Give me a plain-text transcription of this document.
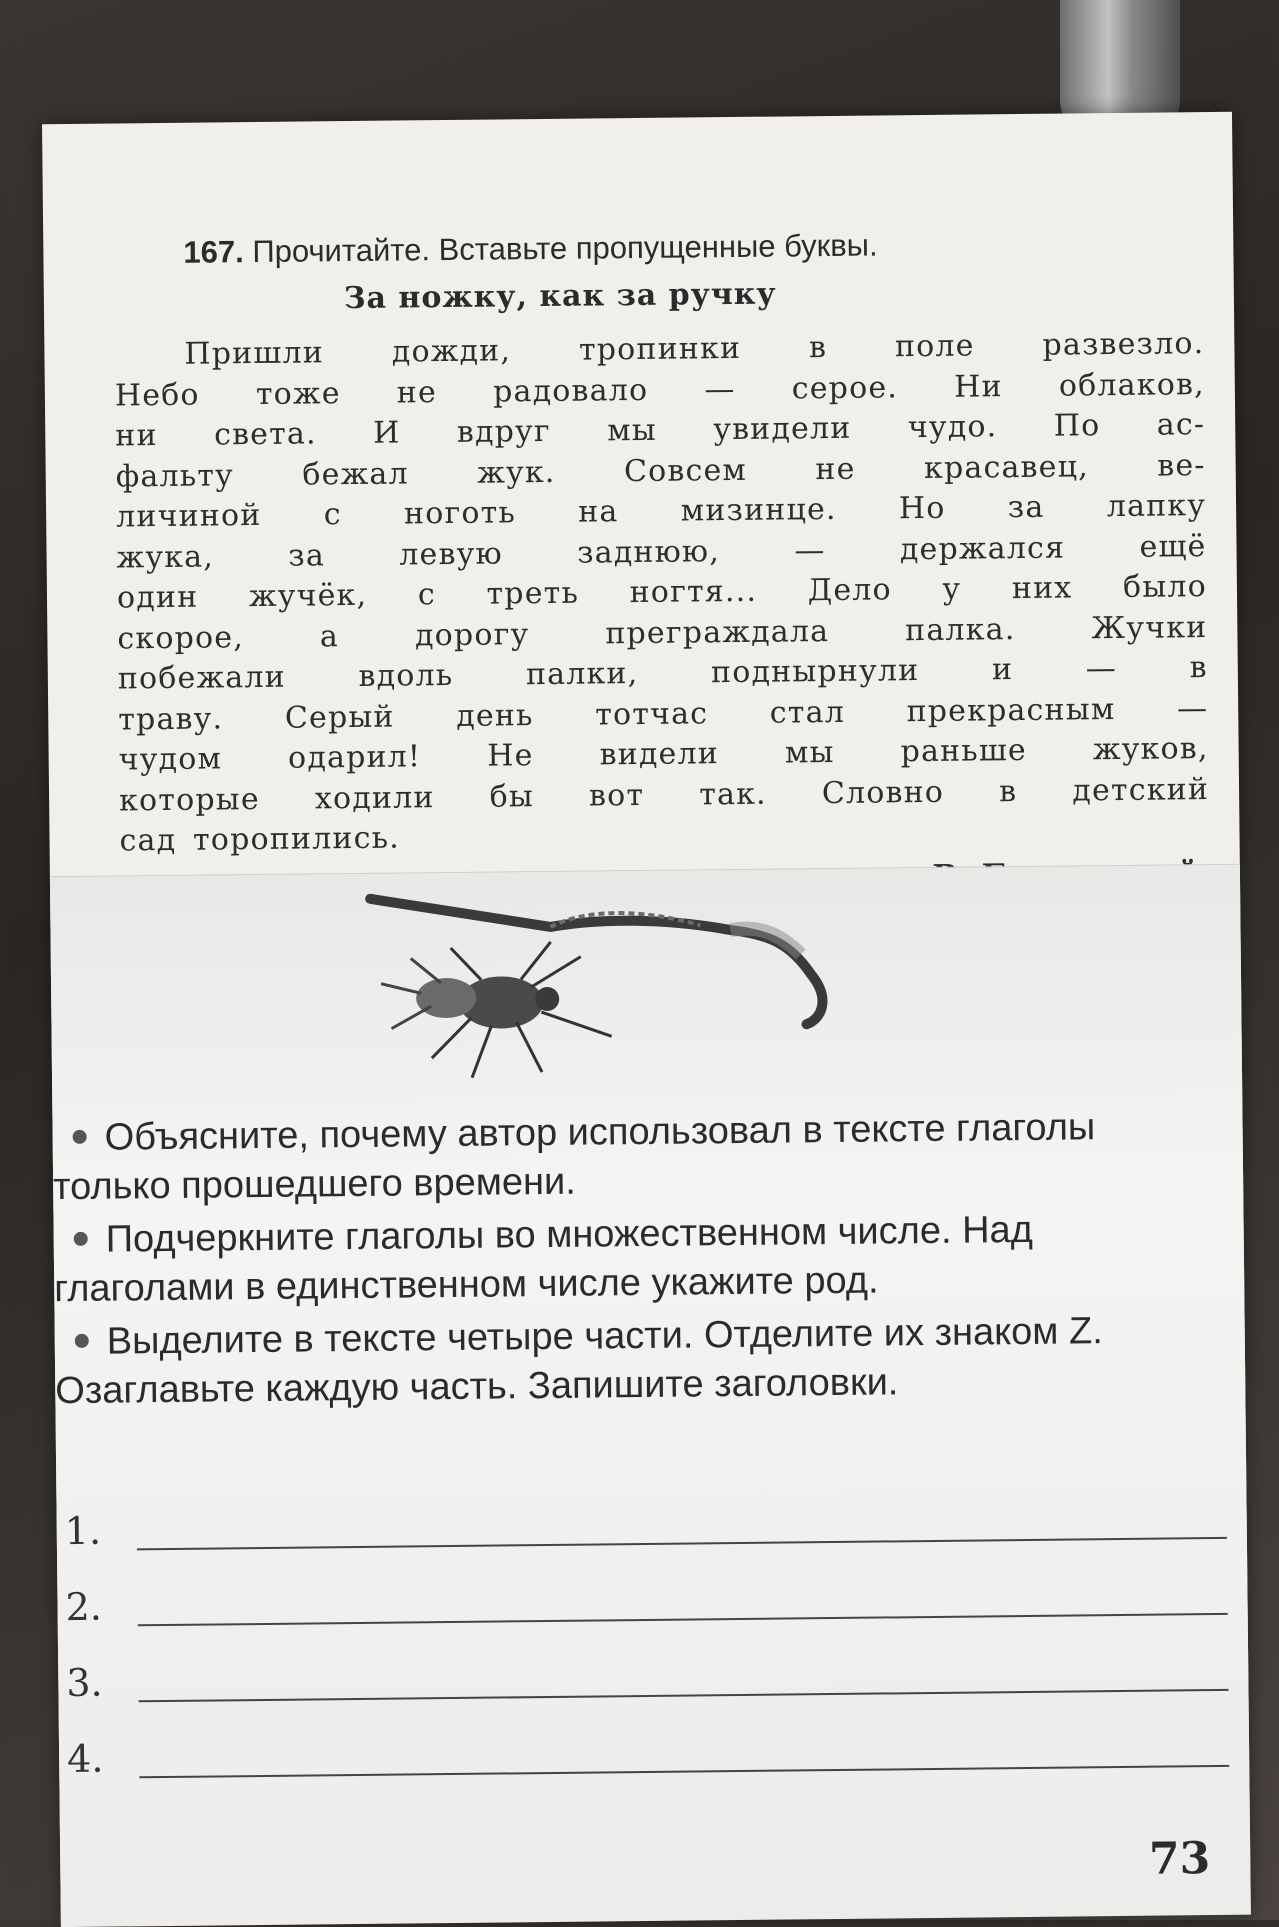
167. Прочитайте. Вставьте пропущенные буквы.
За ножку, как за ручку
Пришли дожди, тропинки в поле развезло.
Небо тоже не радовало — серое. Ни облаков,
ни света. И вдруг мы увидели чудо. По ас-
фальту бежал жук. Совсем не красавец, ве-
личиной с ноготь на мизинце. Но за лапку
жука, за левую заднюю, — держался ещё
один жучёк, с треть ногтя... Дело у них было
скорое, а дорогу преграждала палка. Жучки
побежали вдоль палки, поднырнули и — в
траву. Серый день тотчас стал прекрасным —
чудом одарил! Не видели мы раньше жуков,
которые ходили бы вот так. Словно в детский
сад торопились.
Объясните, почему автор использовал в тексте глаголы только прошедшего времени.
Подчеркните глаголы во множественном числе. Над глаголами в единственном числе укажите род.
Выделите в тексте четыре части. Отделите их знаком Z. Озаглавьте каждую часть. Запишите заголовки.
1.
2.
3.
4.
73
